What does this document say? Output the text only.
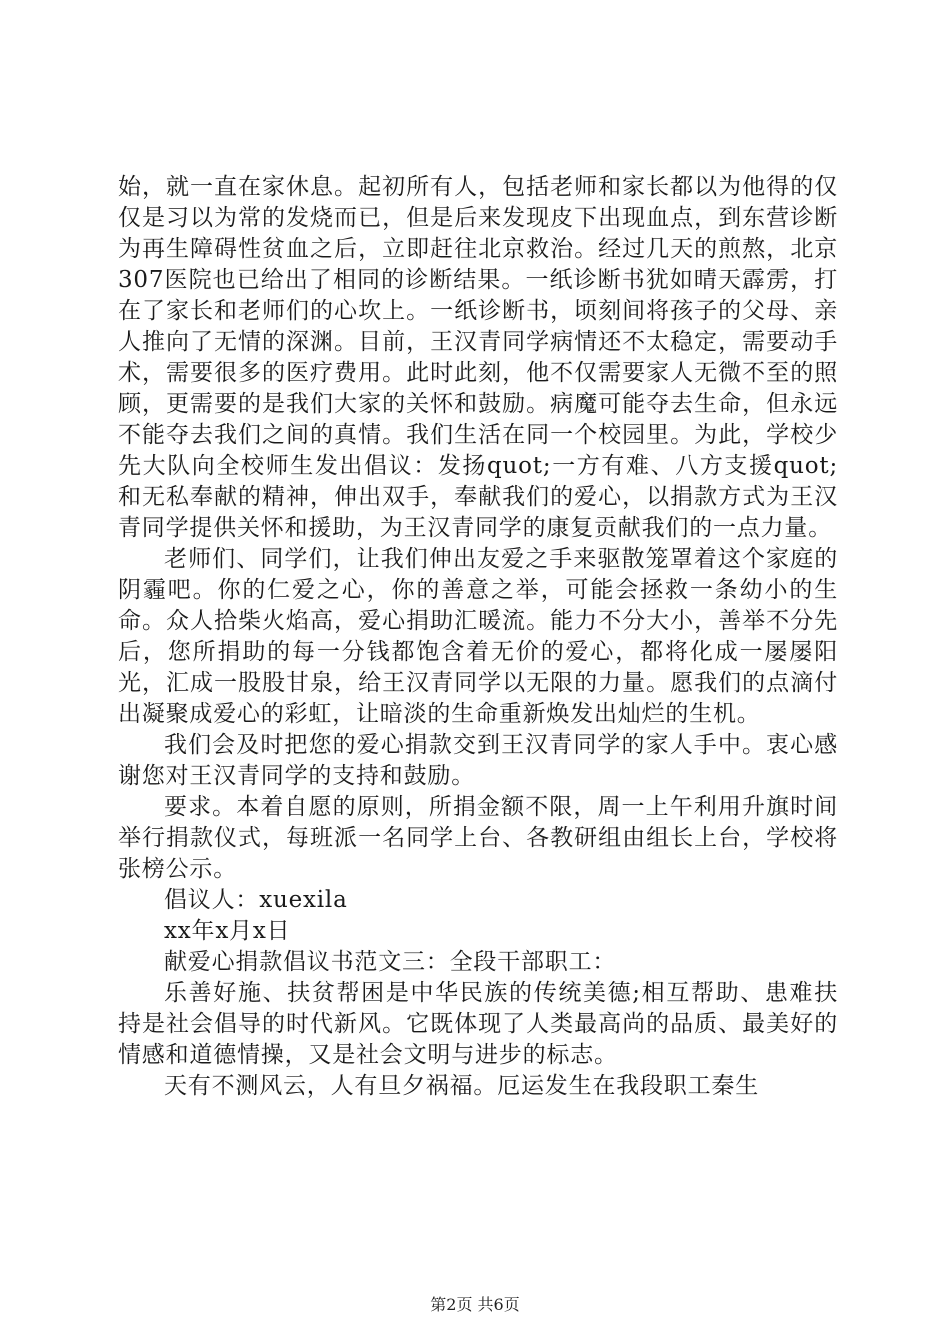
始，就一直在家休息。起初所有人，包括老师和家长都以为他得的仅仅是习以为常的发烧而已，但是后来发现皮下出现血点，到东营诊断为再生障碍性贫血之后，立即赶往北京救治。经过几天的煎熬，北京307医院也已给出了相同的诊断结果。一纸诊断书犹如晴天霹雳，打在了家长和老师们的心坎上。一纸诊断书，顷刻间将孩子的父母、亲人推向了无情的深渊。目前，王汉青同学病情还不太稳定，需要动手术，需要很多的医疗费用。此时此刻，他不仅需要家人无微不至的照顾，更需要的是我们大家的关怀和鼓励。病魔可能夺去生命，但永远不能夺去我们之间的真情。我们生活在同一个校园里。为此，学校少先大队向全校师生发出倡议：发扬quot;一方有难、八方支援quot;和无私奉献的精神，伸出双手，奉献我们的爱心，以捐款方式为王汉青同学提供关怀和援助，为王汉青同学的康复贡献我们的一点力量。

老师们、同学们，让我们伸出友爱之手来驱散笼罩着这个家庭的阴霾吧。你的仁爱之心，你的善意之举，可能会拯救一条幼小的生命。众人拾柴火焰高，爱心捐助汇暖流。能力不分大小，善举不分先后，您所捐助的每一分钱都饱含着无价的爱心，都将化成一屡屡阳光，汇成一股股甘泉，给王汉青同学以无限的力量。愿我们的点滴付出凝聚成爱心的彩虹，让暗淡的生命重新焕发出灿烂的生机。

我们会及时把您的爱心捐款交到王汉青同学的家人手中。衷心感谢您对王汉青同学的支持和鼓励。

要求。本着自愿的原则，所捐金额不限，周一上午利用升旗时间举行捐款仪式，每班派一名同学上台、各教研组由组长上台，学校将张榜公示。

倡议人：xuexila

xx年x月x日

献爱心捐款倡议书范文三：全段干部职工：

乐善好施、扶贫帮困是中华民族的传统美德;相互帮助、患难扶持是社会倡导的时代新风。它既体现了人类最高尚的品质、最美好的情感和道德情操，又是社会文明与进步的标志。

天有不测风云，人有旦夕祸福。厄运发生在我段职工秦生

第2页 共6页
